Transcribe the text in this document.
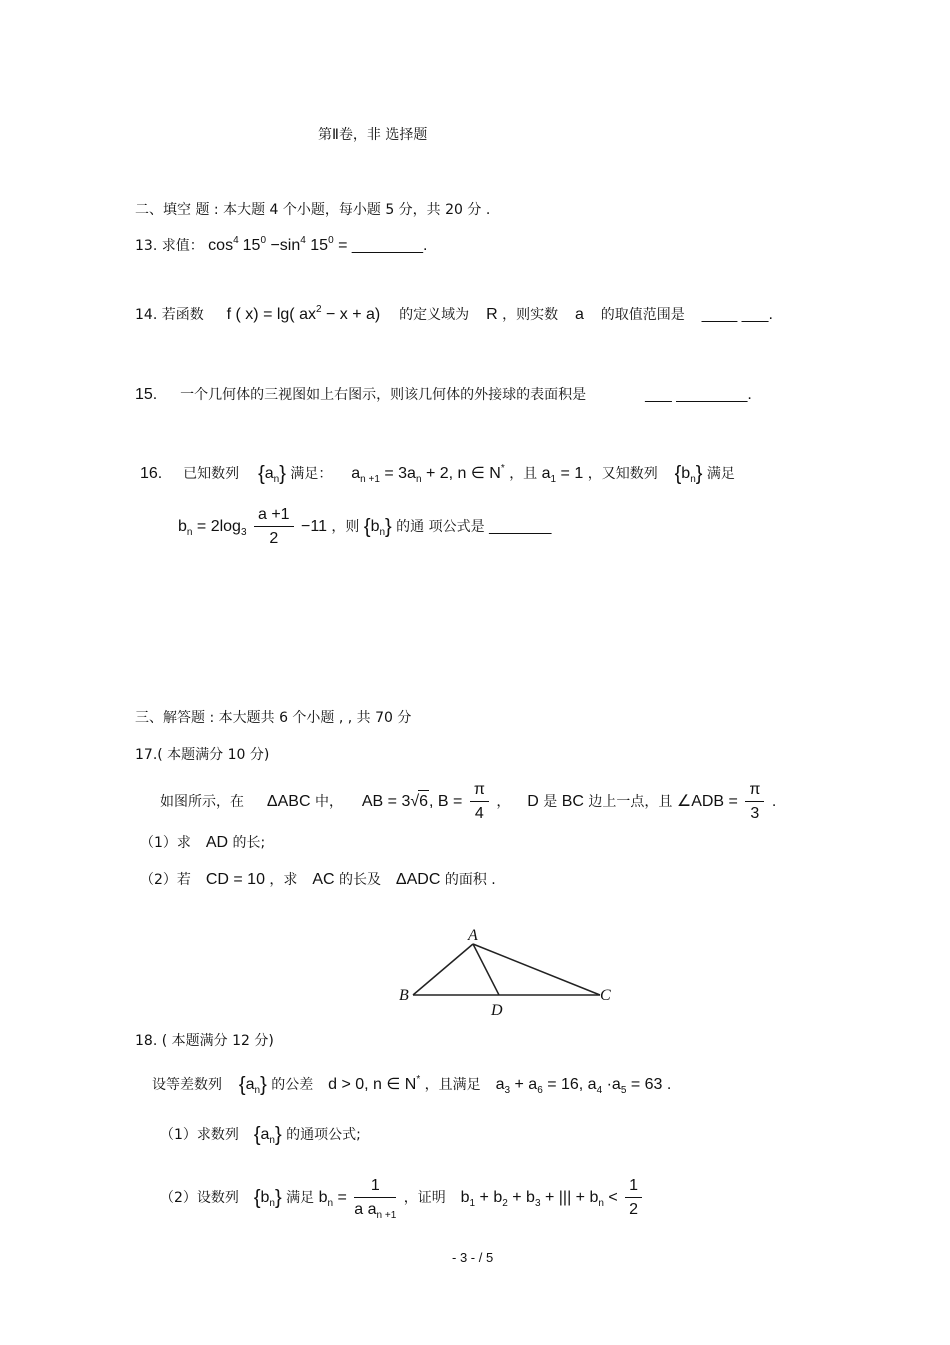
第Ⅱ卷，非 选择题
二、填空 题 : 本大题 4 个小题，每小题 5 分，共 20 分 .
13. 求值： $\cos^4 15^0 -\sin^4$ $15^0$ = ________.
14. 若函数 f ( x) = lg( $ax^2 - x + a$) 的定义域为 R ，则实数 a 的取值范围是 ____ ___.
15. 一个几何体的三视图如上右图示，则该几何体的外接球的表面积是	___ ________.
16. 已知数列 $\{a_n\}$ 满足： $a_{n +1} = 3a_n + 2$, n ∈ N* ，且 $a_1 = 1$ ，又知数列 $\{b_n\}$ 满足
$b_n = 2\log_3 \frac{a +1}{2} -11$ ，则 $\{b_n\}$ 的通 项公式是 _______
三、解答题 : 本大题共 6 个小题 , , 共 70 分
17.( 本题满分 10 分)
如图所示，在 ΔABC 中， AB = 3√6, $B = \frac{\pi}{4}$ ， D 是 BC 边上一点，且 ∠ADB = $\frac{\pi}{3}$ .
（1）求 AD 的长;
（2）若 CD = 10 ，求 AC 的长及 ΔADC 的面积 .
A
B	C
D
18. ( 本题满分 12 分)
设等差数列 $\{a_n\}$ 的公差 d > 0, n ∈ N* ，且满足 $a_3 + a_6 = 16$, $a_4 \cdot a_5 = 63$ .
（1）求数列 $\{a_n\}$ 的通项公式;
（2）设数列 $\{b_n\}$ 满足 $b_n = \frac{1}{a a_{n +1}}$ ，证明 $b_1 + b_2 + b_3$ + ||| + $b_n < \frac{1}{2}$
- 3 - / 5
